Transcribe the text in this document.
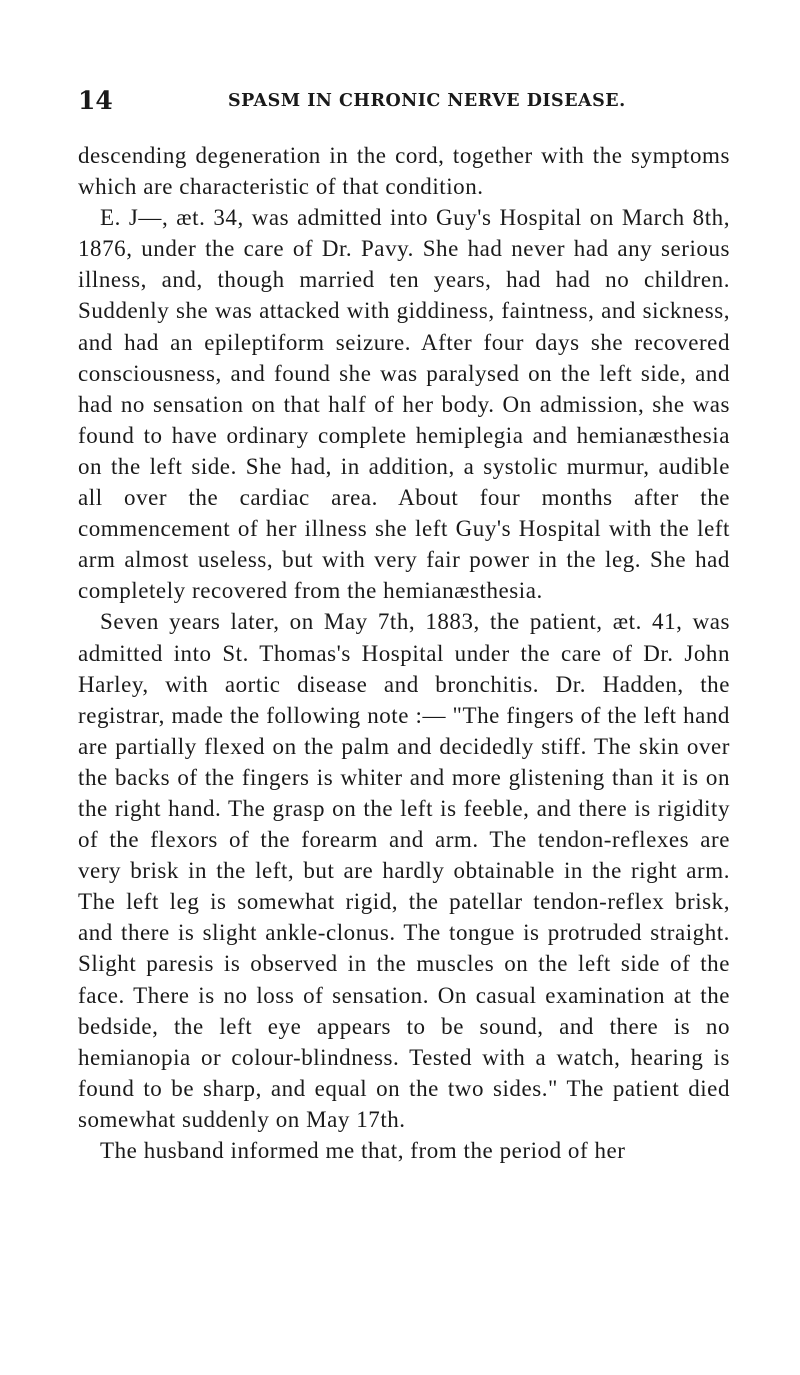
14	SPASM IN CHRONIC NERVE DISEASE.

descending degeneration in the cord, together with the symptoms which are characteristic of that condition.

E. J—, æt. 34, was admitted into Guy's Hospital on March 8th, 1876, under the care of Dr. Pavy. She had never had any serious illness, and, though married ten years, had had no children. Suddenly she was attacked with giddiness, faintness, and sickness, and had an epileptiform seizure. After four days she recovered consciousness, and found she was paralysed on the left side, and had no sensation on that half of her body. On admission, she was found to have ordinary complete hemiplegia and hemianæsthesia on the left side. She had, in addition, a systolic murmur, audible all over the cardiac area. About four months after the commencement of her illness she left Guy's Hospital with the left arm almost useless, but with very fair power in the leg. She had completely recovered from the hemianæsthesia.

Seven years later, on May 7th, 1883, the patient, æt. 41, was admitted into St. Thomas's Hospital under the care of Dr. John Harley, with aortic disease and bronchitis. Dr. Hadden, the registrar, made the following note :— "The fingers of the left hand are partially flexed on the palm and decidedly stiff. The skin over the backs of the fingers is whiter and more glistening than it is on the right hand. The grasp on the left is feeble, and there is rigidity of the flexors of the forearm and arm. The tendon-reflexes are very brisk in the left, but are hardly obtainable in the right arm. The left leg is somewhat rigid, the patellar tendon-reflex brisk, and there is slight ankle-clonus. The tongue is protruded straight. Slight paresis is observed in the muscles on the left side of the face. There is no loss of sensation. On casual examination at the bedside, the left eye appears to be sound, and there is no hemianopia or colour-blindness. Tested with a watch, hearing is found to be sharp, and equal on the two sides." The patient died somewhat suddenly on May 17th.

The husband informed me that, from the period of her
